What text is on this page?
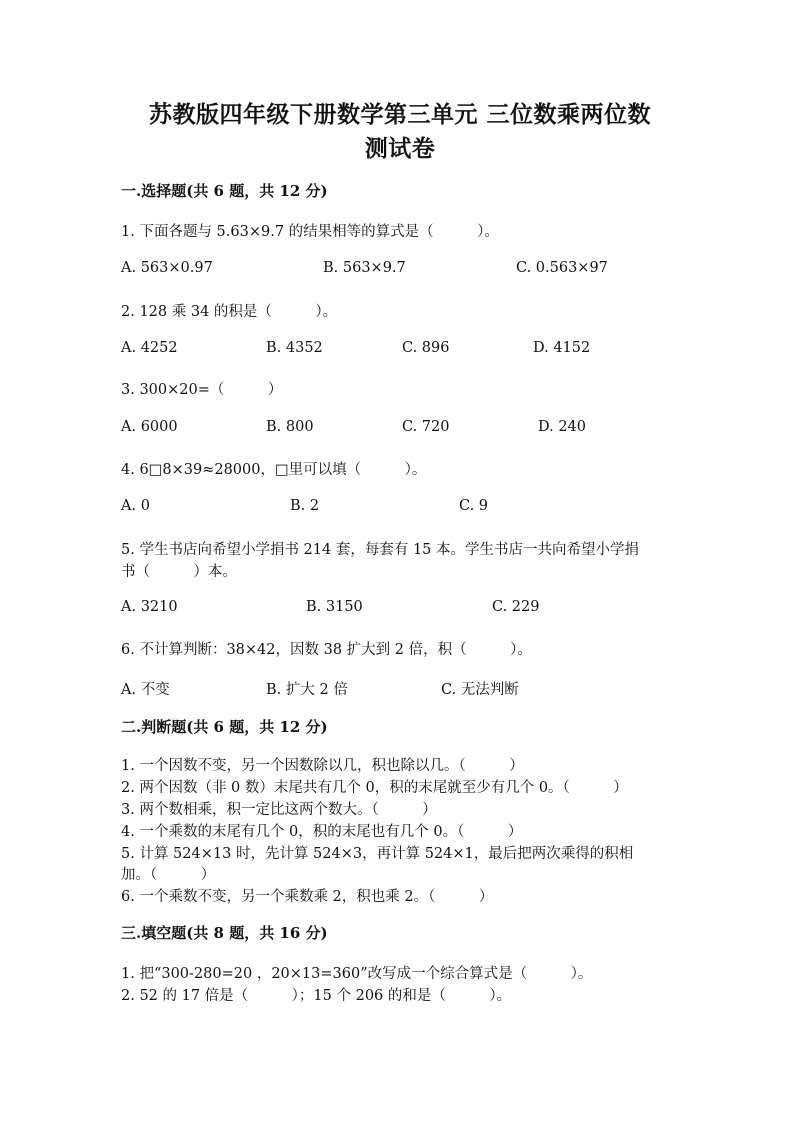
苏教版四年级下册数学第三单元 三位数乘两位数
测试卷
一.选择题(共 6 题，共 12 分)
1. 下面各题与 5.63×9.7 的结果相等的算式是（　　　）。
A. 563×0.97	B. 563×9.7	C. 0.563×97
2. 128 乘 34 的积是（　　　）。
A. 4252	B. 4352	C. 896	D. 4152
3. 300×20=（　　　）
A. 6000	B. 800	C. 720	D. 240
4. 6□8×39≈28000，□里可以填（　　　）。
A. 0	B. 2	C. 9
5. 学生书店向希望小学捐书 214 套，每套有 15 本。学生书店一共向希望小学捐
书（　　　）本。
A. 3210	B. 3150	C. 229
6. 不计算判断：38×42，因数 38 扩大到 2 倍，积（　　　）。
A. 不变	B. 扩大 2 倍	C. 无法判断
二.判断题(共 6 题，共 12 分)
1. 一个因数不变，另一个因数除以几，积也除以几。（　　　）
2. 两个因数（非 0 数）末尾共有几个 0，积的末尾就至少有几个 0。（　　　）
3. 两个数相乘，积一定比这两个数大。（　　　）
4. 一个乘数的末尾有几个 0，积的末尾也有几个 0。（　　　）
5. 计算 524×13 时，先计算 524×3，再计算 524×1，最后把两次乘得的积相
加。（　　　）
6. 一个乘数不变，另一个乘数乘 2，积也乘 2。（　　　）
三.填空题(共 8 题，共 16 分)
1. 把“300-280=20 ，20×13=360”改写成一个综合算式是（　　　）。
2. 52 的 17 倍是（　　　）；15 个 206 的和是（　　　）。
